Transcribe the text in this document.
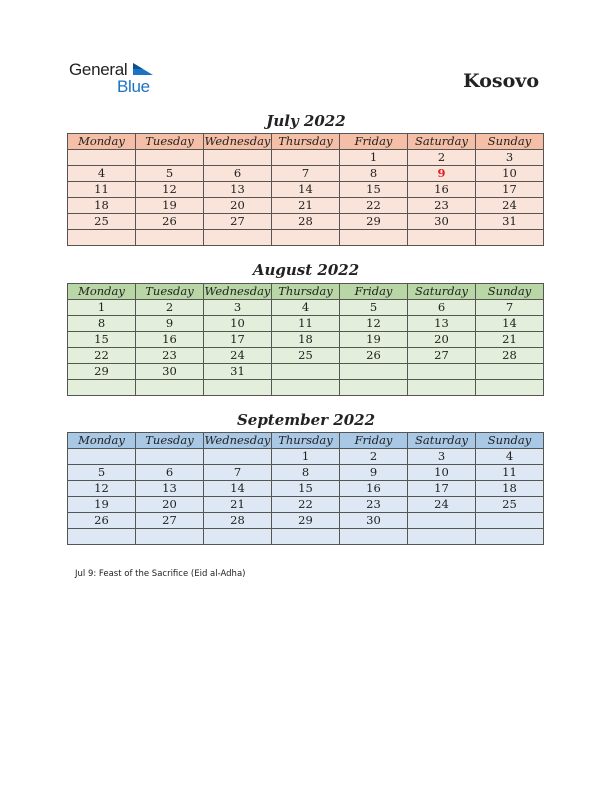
General
Blue	Kosovo
July 2022
Monday	Tuesday	Wednesday	Thursday	Friday	Saturday	Sunday
				1	2	3
4	5	6	7	8	9	10
11	12	13	14	15	16	17
18	19	20	21	22	23	24
25	26	27	28	29	30	31

August 2022
Monday	Tuesday	Wednesday	Thursday	Friday	Saturday	Sunday
1	2	3	4	5	6	7
8	9	10	11	12	13	14
15	16	17	18	19	20	21
22	23	24	25	26	27	28
29	30	31				

September 2022
Monday	Tuesday	Wednesday	Thursday	Friday	Saturday	Sunday
			1	2	3	4
5	6	7	8	9	10	11
12	13	14	15	16	17	18
19	20	21	22	23	24	25
26	27	28	29	30		

Jul 9: Feast of the Sacrifice (Eid al-Adha)
